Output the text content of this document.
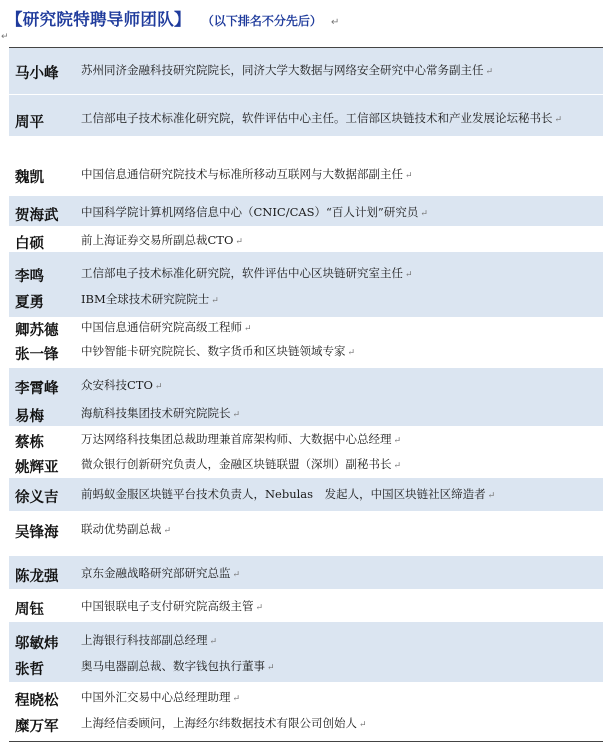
【研究院特聘导师团队】 （以下排名不分先后） ↵
↵
马小峰 苏州同济金融科技研究院院长，同济大学大数据与网络安全研究中心常务副主任 ↵
周平	工信部电子技术标准化研究院，软件评估中心主任。工信部区块链技术和产业发展论坛秘书长 ↵
魏凯	中国信息通信研究院技术与标准所移动互联网与大数据部副主任 ↵
贺海武 中国科学院计算机网络信息中心（CNIC/CAS）“百人计划”研究员 ↵
白硕	前上海证券交易所副总裁CTO ↵
李鸣	工信部电子技术标准化研究院，软件评估中心区块链研究室主任 ↵
夏勇	IBM全球技术研究院院士 ↵
卿苏德 中国信息通信研究院高级工程师 ↵
张一锋 中钞智能卡研究院院长、数字货币和区块链领域专家 ↵
李霄峰 众安科技CTO ↵
易梅	海航科技集团技术研究院院长 ↵
蔡栋	万达网络科技集团总裁助理兼首席架构师、大数据中心总经理 ↵
姚辉亚 微众银行创新研究负责人，金融区块链联盟（深圳）副秘书长 ↵
徐义吉 前蚂蚁金服区块链平台技术负责人，Nebulas　发起人，中国区块链社区缔造者 ↵
吴锋海 联动优势副总裁 ↵
陈龙强 京东金融战略研究部研究总监 ↵
周钰	中国银联电子支付研究院高级主管 ↵
邬敏炜 上海银行科技部副总经理 ↵
张哲	奥马电器副总裁、数字钱包执行董事 ↵
程晓松 中国外汇交易中心总经理助理 ↵
糜万军 上海经信委顾问，上海经尔纬数据技术有限公司创始人 ↵
